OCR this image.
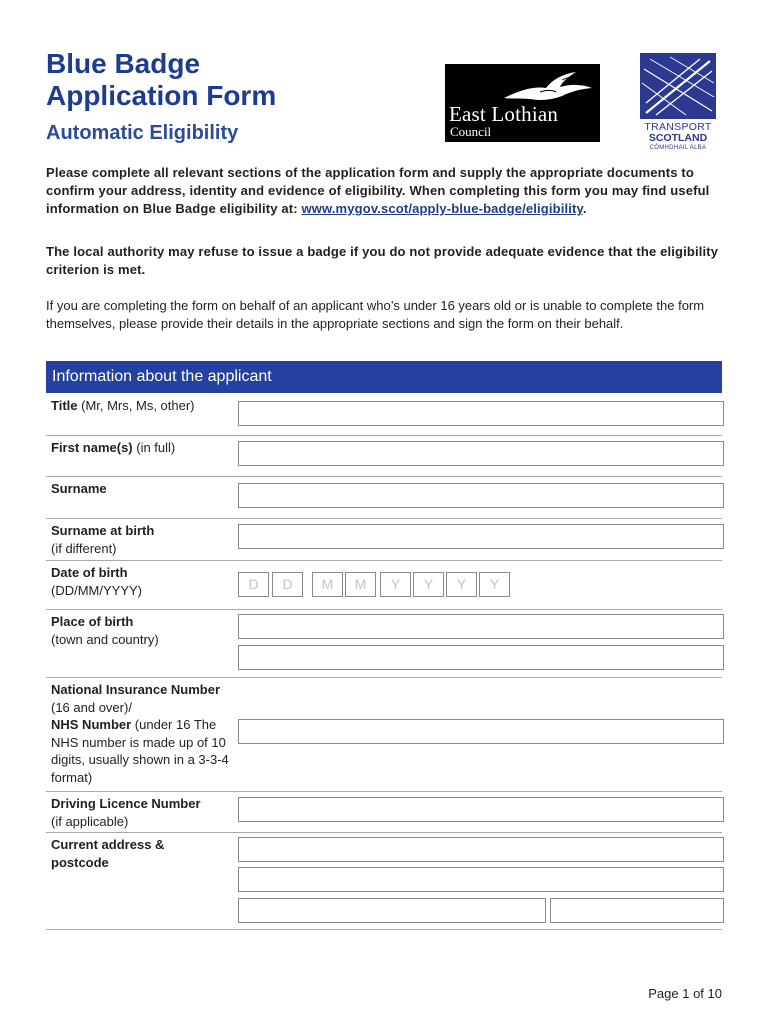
Blue Badge
Application Form
Automatic Eligibility
East Lothian
Council	TRANSPORT
SCOTLAND
CÒMHDHAIL ALBA

Please complete all relevant sections of the application form and supply the appropriate documents to confirm your address, identity and evidence of eligibility. When completing this form you may find useful information on Blue Badge eligibility at: www.mygov.scot/apply-blue-badge/eligibility.

The local authority may refuse to issue a badge if you do not provide adequate evidence that the eligibility criterion is met.

If you are completing the form on behalf of an applicant who’s under 16 years old or is unable to complete the form themselves, please provide their details in the appropriate sections and sign the form on their behalf.

Information about the applicant
Title (Mr, Mrs, Ms, other)
First name(s) (in full)
Surname
Surname at birth
(if different)
Date of birth
(DD/MM/YYYY)	D	D	M	M	Y	Y	Y	Y
Place of birth
(town and country)
National Insurance Number (16 and over)/
NHS Number (under 16 The NHS number is made up of 10 digits, usually shown in a 3-3-4 format)
Driving Licence Number
(if applicable)
Current address & postcode
Page 1 of 10
